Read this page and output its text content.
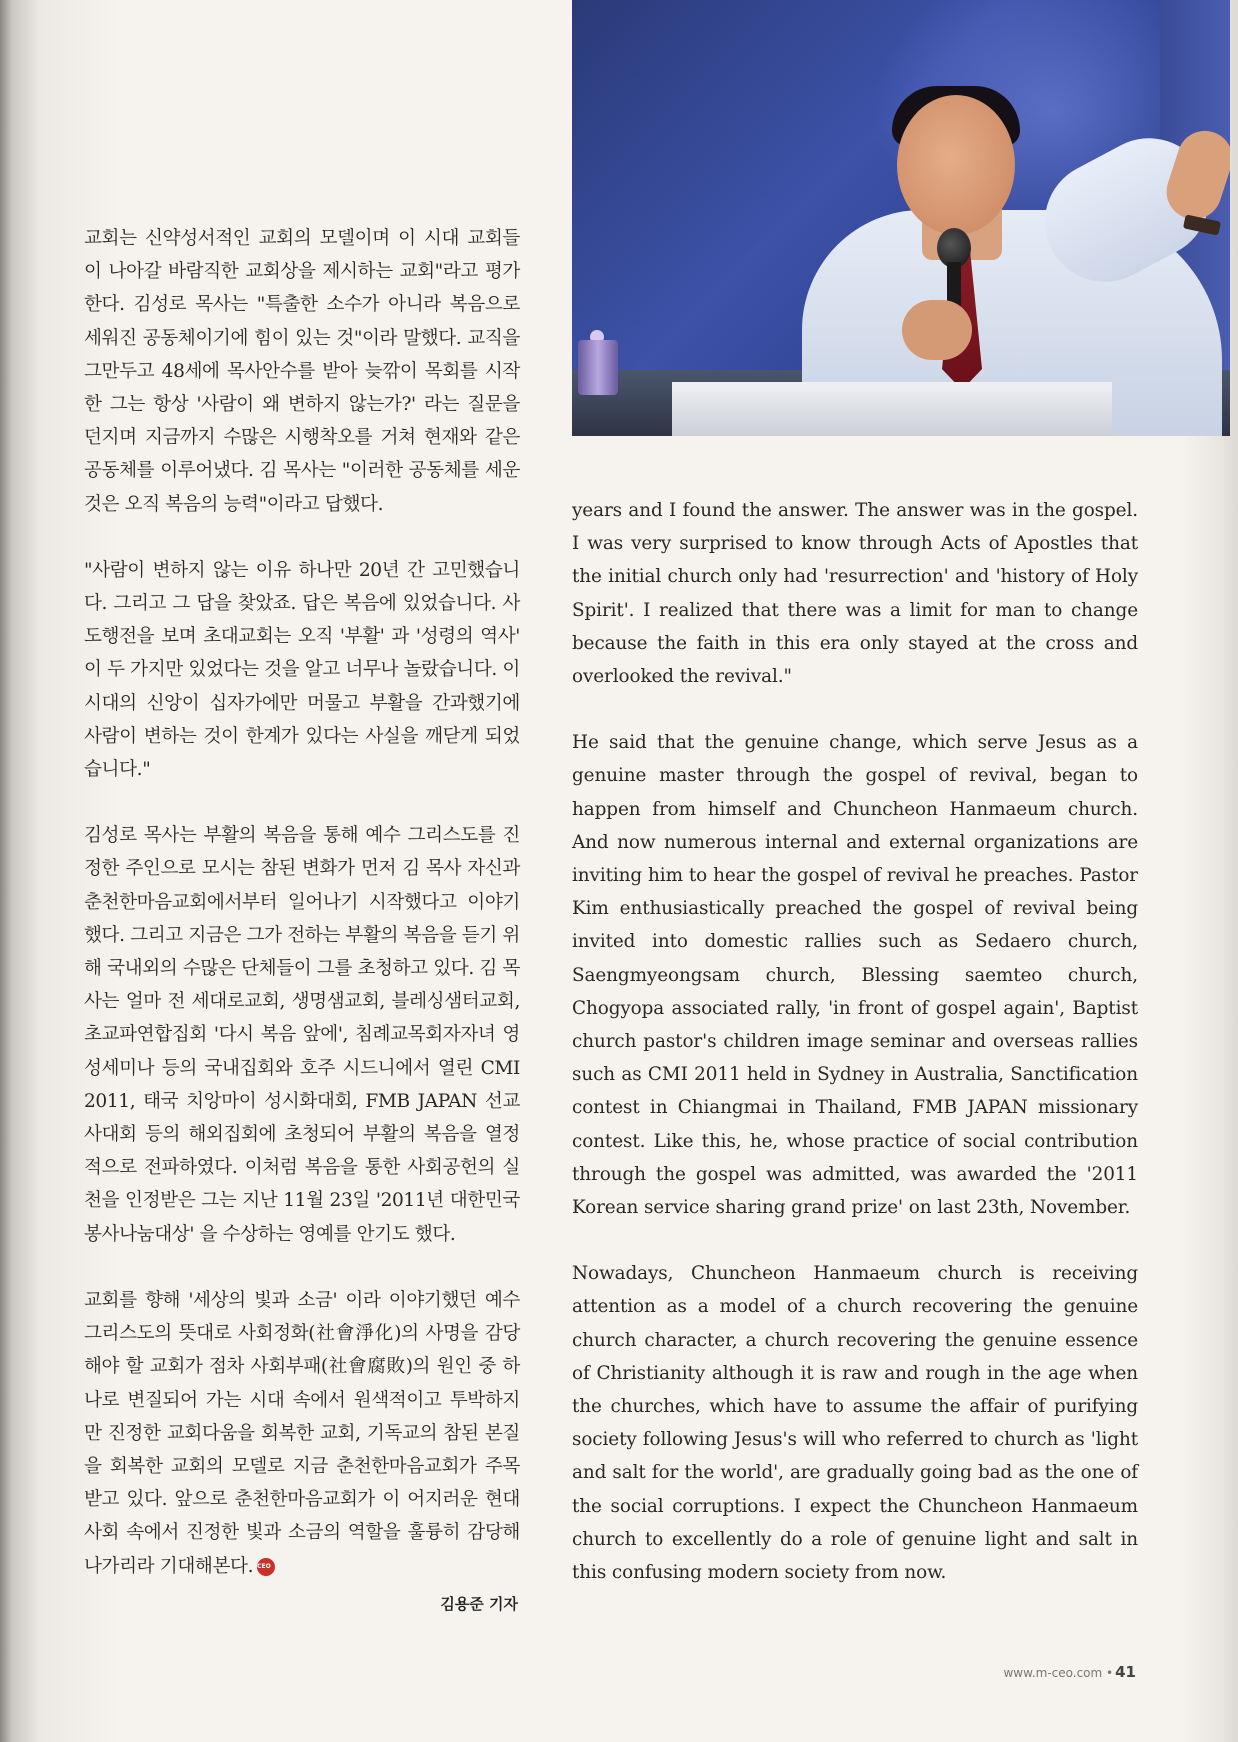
교회는 신약성서적인 교회의 모델이며 이 시대 교회들이 나아갈 바람직한 교회상을 제시하는 교회"라고 평가한다. 김성로 목사는 "특출한 소수가 아니라 복음으로 세워진 공동체이기에 힘이 있는 것"이라 말했다. 교직을 그만두고 48세에 목사안수를 받아 늦깎이 목회를 시작한 그는 항상 '사람이 왜 변하지 않는가?' 라는 질문을 던지며 지금까지 수많은 시행착오를 거쳐 현재와 같은 공동체를 이루어냈다. 김 목사는 "이러한 공동체를 세운 것은 오직 복음의 능력"이라고 답했다.

"사람이 변하지 않는 이유 하나만 20년 간 고민했습니다. 그리고 그 답을 찾았죠. 답은 복음에 있었습니다. 사도행전을 보며 초대교회는 오직 '부활' 과 '성령의 역사' 이 두 가지만 있었다는 것을 알고 너무나 놀랐습니다. 이 시대의 신앙이 십자가에만 머물고 부활을 간과했기에 사람이 변하는 것이 한계가 있다는 사실을 깨닫게 되었습니다."

김성로 목사는 부활의 복음을 통해 예수 그리스도를 진정한 주인으로 모시는 참된 변화가 먼저 김 목사 자신과 춘천한마음교회에서부터 일어나기 시작했다고 이야기했다. 그리고 지금은 그가 전하는 부활의 복음을 듣기 위해 국내외의 수많은 단체들이 그를 초청하고 있다. 김 목사는 얼마 전 세대로교회, 생명샘교회, 블레싱샘터교회, 초교파연합집회 '다시 복음 앞에', 침례교목회자자녀 영성세미나 등의 국내집회와 호주 시드니에서 열린 CMI 2011, 태국 치앙마이 성시화대회, FMB JAPAN 선교사대회 등의 해외집회에 초청되어 부활의 복음을 열정적으로 전파하였다. 이처럼 복음을 통한 사회공헌의 실천을 인정받은 그는 지난 11월 23일 '2011년 대한민국봉사나눔대상' 을 수상하는 영예를 안기도 했다.

교회를 향해 '세상의 빛과 소금' 이라 이야기했던 예수 그리스도의 뜻대로 사회정화(社會淨化)의 사명을 감당해야 할 교회가 점차 사회부패(社會腐敗)의 원인 중 하나로 변질되어 가는 시대 속에서 원색적이고 투박하지만 진정한 교회다움을 회복한 교회, 기독교의 참된 본질을 회복한 교회의 모델로 지금 춘천한마음교회가 주목받고 있다. 앞으로 춘천한마음교회가 이 어지러운 현대사회 속에서 진정한 빛과 소금의 역할을 훌륭히 감당해 나가리라 기대해본다. CEO

김용준 기자

years and I found the answer. The answer was in the gospel. I was very surprised to know through Acts of Apostles that the initial church only had 'resurrection' and 'history of Holy Spirit'. I realized that there was a limit for man to change because the faith in this era only stayed at the cross and overlooked the revival."

He said that the genuine change, which serve Jesus as a genuine master through the gospel of revival, began to happen from himself and Chuncheon Hanmaeum church. And now numerous internal and external organizations are inviting him to hear the gospel of revival he preaches. Pastor Kim enthusiastically preached the gospel of revival being invited into domestic rallies such as Sedaero church, Saengmyeongsam church, Blessing saemteo church, Chogyopa associated rally, 'in front of gospel again', Baptist church pastor's children image seminar and overseas rallies such as CMI 2011 held in Sydney in Australia, Sanctification contest in Chiangmai in Thailand, FMB JAPAN missionary contest. Like this, he, whose practice of social contribution through the gospel was admitted, was awarded the '2011 Korean service sharing grand prize' on last 23th, November.

Nowadays, Chuncheon Hanmaeum church is receiving attention as a model of a church recovering the genuine church character, a church recovering the genuine essence of Christianity although it is raw and rough in the age when the churches, which have to assume the affair of purifying society following Jesus's will who referred to church as 'light and salt for the world', are gradually going bad as the one of the social corruptions. I expect the Chuncheon Hanmaeum church to excellently do a role of genuine light and salt in this confusing modern society from now.

www.m-ceo.com • 41
